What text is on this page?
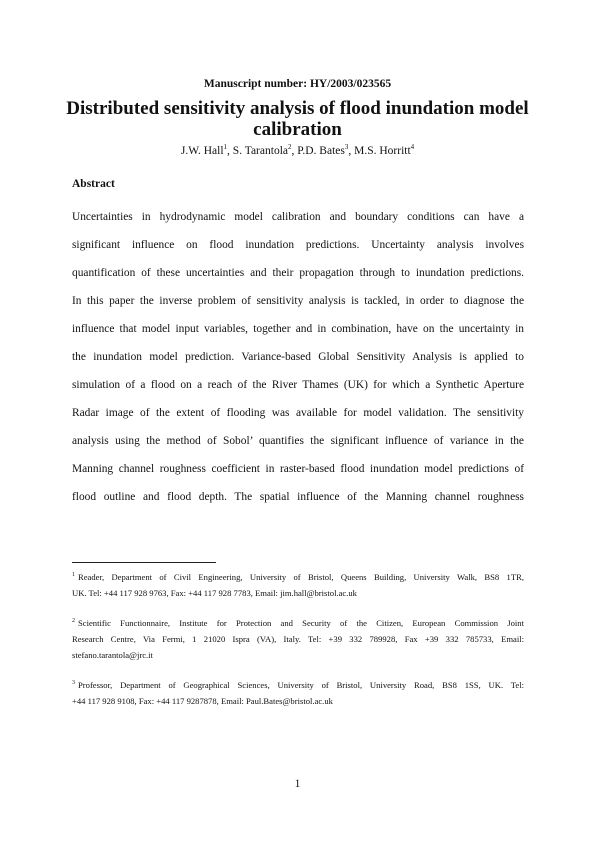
Manuscript number: HY/2003/023565
Distributed sensitivity analysis of flood inundation model calibration
J.W. Hall$^1$, S. Tarantola$^2$, P.D. Bates$^3$, M.S. Horritt$^4$
Abstract
Uncertainties in hydrodynamic model calibration and boundary conditions can have a
significant influence on flood inundation predictions. Uncertainty analysis involves
quantification of these uncertainties and their propagation through to inundation predictions.
In this paper the inverse problem of sensitivity analysis is tackled, in order to diagnose the
influence that model input variables, together and in combination, have on the uncertainty in
the inundation model prediction. Variance-based Global Sensitivity Analysis is applied to
simulation of a flood on a reach of the River Thames (UK) for which a Synthetic Aperture
Radar image of the extent of flooding was available for model validation. The sensitivity
analysis using the method of Sobol’ quantifies the significant influence of variance in the
Manning channel roughness coefficient in raster-based flood inundation model predictions of
flood outline and flood depth. The spatial influence of the Manning channel roughness
$^1$ Reader, Department of Civil Engineering, University of Bristol, Queens Building, University Walk, BS8 1TR,
UK. Tel: +44 117 928 9763, Fax: +44 117 928 7783, Email: jim.hall@bristol.ac.uk
$^2$ Scientific Functionnaire, Institute for Protection and Security of the Citizen, European Commission Joint
Research Centre, Via Fermi, 1 21020 Ispra (VA), Italy. Tel: +39 332 789928, Fax +39 332 785733, Email:
stefano.tarantola@jrc.it
$^3$ Professor, Department of Geographical Sciences, University of Bristol, University Road, BS8 1SS, UK. Tel:
+44 117 928 9108, Fax: +44 117 9287878, Email: Paul.Bates@bristol.ac.uk
1
